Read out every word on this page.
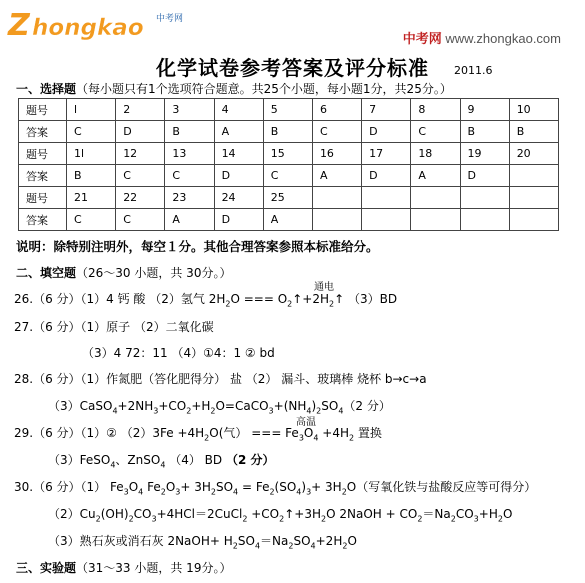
Z hongkao 中考网
中考网 www.zhongkao.com
化学试卷参考答案及评分标准	2011.6
一、选择题（每小题只有1个选项符合题意。共25个小题，每小题1分，共25分。）
题号	l	2	3	4	5	6	7	8	9	10
答案	C	D	B	A	B	C	D	C	B	B
题号	1l	12	13	14	15	16	17	18	19	20
答案	B	C	C	D	C	A	D	A	D	
题号	21	22	23	24	25					
答案	C	C	A	D	A					
说明：除特别注明外，每空１分。其他合理答案参照本标准给分。
二、填空题（26～30 小题，共 30分。）
通电
26.（6 分）（1）4 钙 酸 （2）氢气 $2H_2O$ === $O_2↑+2H_2↑$ （3）BD
27.（6 分）（1）原子 （2）二氧化碳
（3）4 72：11 （4）①4：1 ② bd
28.（6 分）（1）作氮肥（答化肥得分） 盐 （2） 漏斗、玻璃棒 烧杯 b→c→a
$(3)CaSO_4+2NH_3+CO_2+H_2O=CaCO_3+(NH_4)_2SO_4(2$ 分）
高温
29.（6 分）（1）② $(2)3Fe +4H_2O$(气） === $Fe_3O_4 +4H_2$ 置换
（3）FeSO$_4$、ZnSO$_4$ （4） BD （2 分）
30.（6 分）（1） $Fe_3O_4$ $Fe_2O_3+ 3H_2SO_4 = Fe_2(SO_4)_3+ 3H_2O$（写氧化铁与盐酸反应等可得分）
$(2)Cu_2(OH)_2CO_3+4HCl=2CuCl_2$ $+CO_2↑+3H_2O$ 2NaOH + $CO_2=Na_2CO_3+H_2O$
（3）熟石灰或消石灰 2NaOH+ $H_2SO_4=Na_2SO_4+2H_2O$
三、实验题（31～33 小题，共 19分。）
